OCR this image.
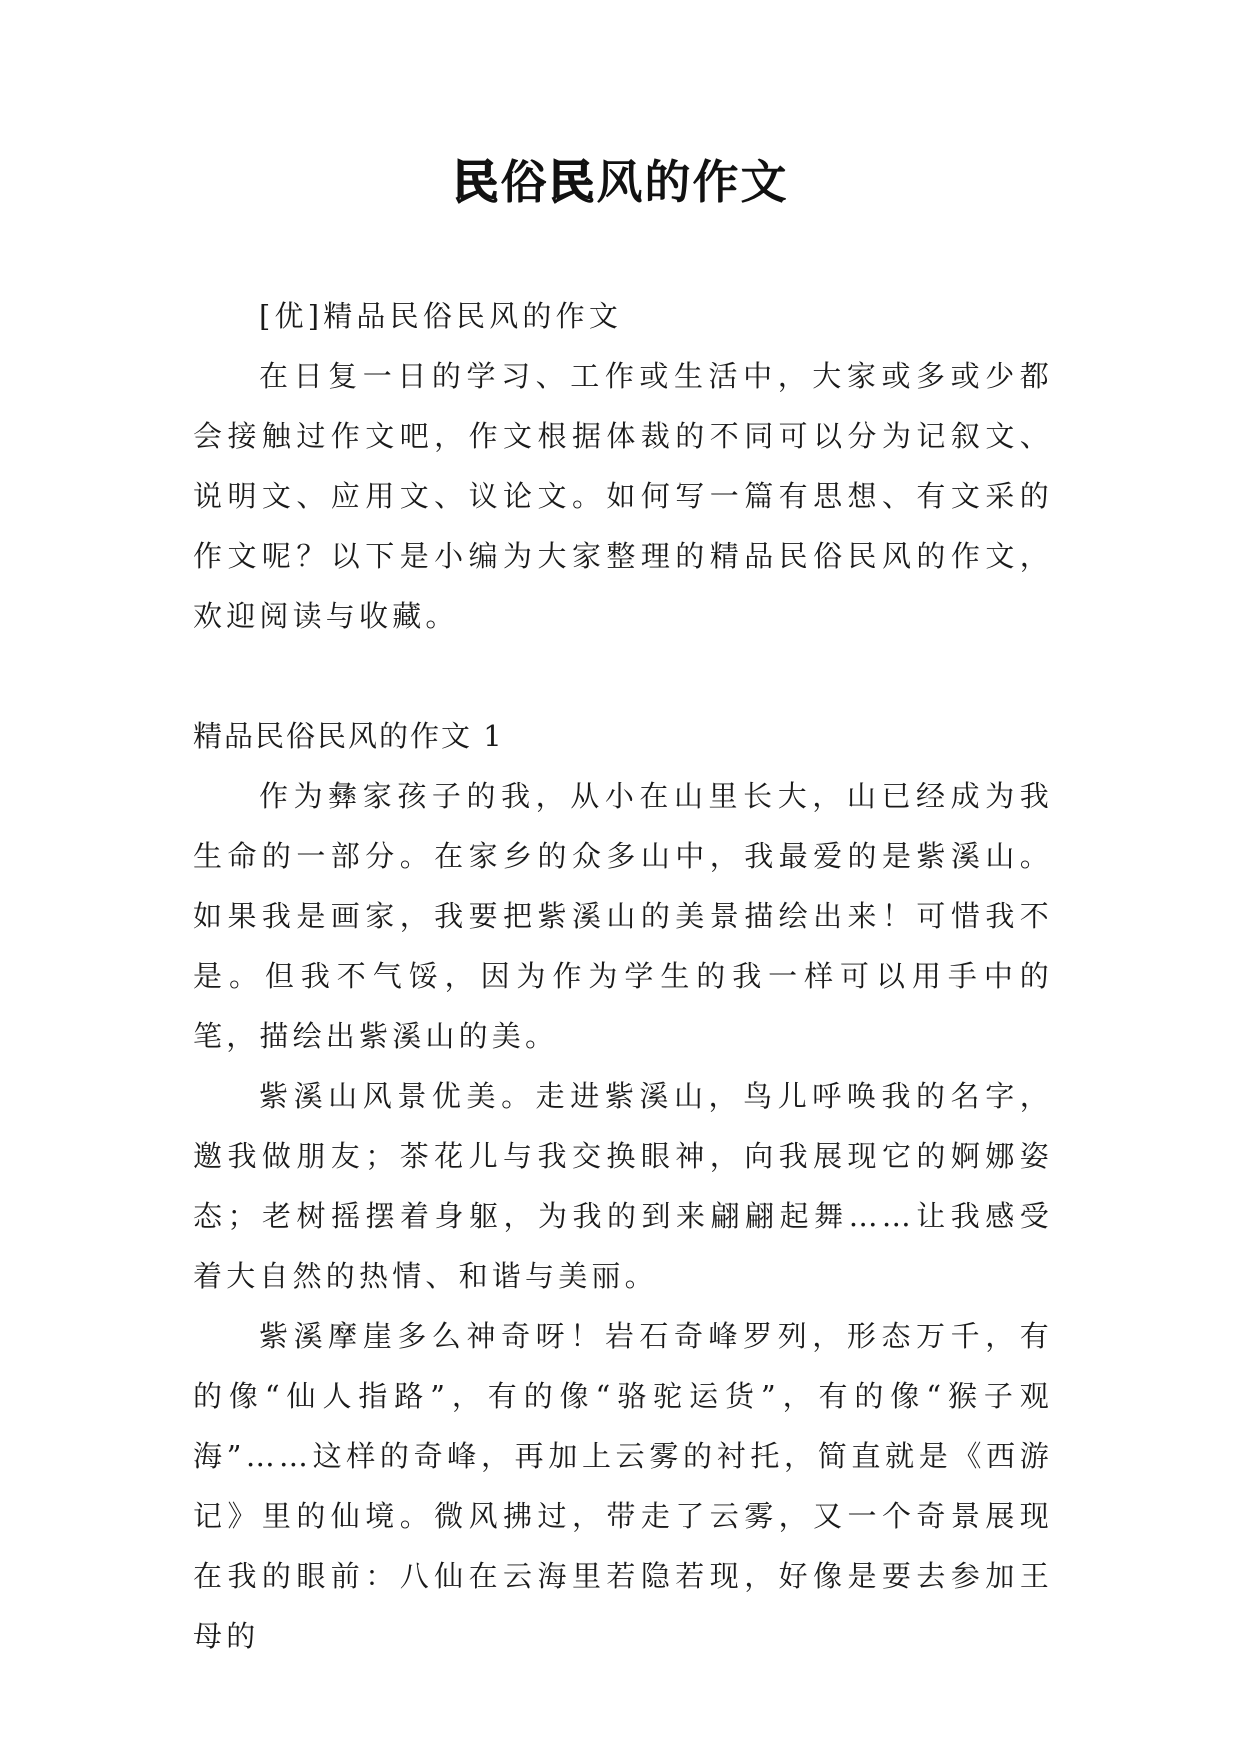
民俗民风的作文

[优]精品民俗民风的作文

在日复一日的学习、工作或生活中，大家或多或少都会接触过作文吧，作文根据体裁的不同可以分为记叙文、说明文、应用文、议论文。如何写一篇有思想、有文采的作文呢？以下是小编为大家整理的精品民俗民风的作文，欢迎阅读与收藏。

精品民俗民风的作文 1

作为彝家孩子的我，从小在山里长大，山已经成为我生命的一部分。在家乡的众多山中，我最爱的是紫溪山。如果我是画家，我要把紫溪山的美景描绘出来！可惜我不是。但我不气馁，因为作为学生的我一样可以用手中的笔，描绘出紫溪山的美。

紫溪山风景优美。走进紫溪山，鸟儿呼唤我的名字，邀我做朋友；茶花儿与我交换眼神，向我展现它的婀娜姿态；老树摇摆着身躯，为我的到来翩翩起舞……让我感受着大自然的热情、和谐与美丽。

紫溪摩崖多么神奇呀！岩石奇峰罗列，形态万千，有的像“仙人指路”，有的像“骆驼运货”，有的像“猴子观海”……这样的奇峰，再加上云雾的衬托，简直就是《西游记》里的仙境。微风拂过，带走了云雾，又一个奇景展现在我的眼前：八仙在云海里若隐若现，好像是要去参加王母的
